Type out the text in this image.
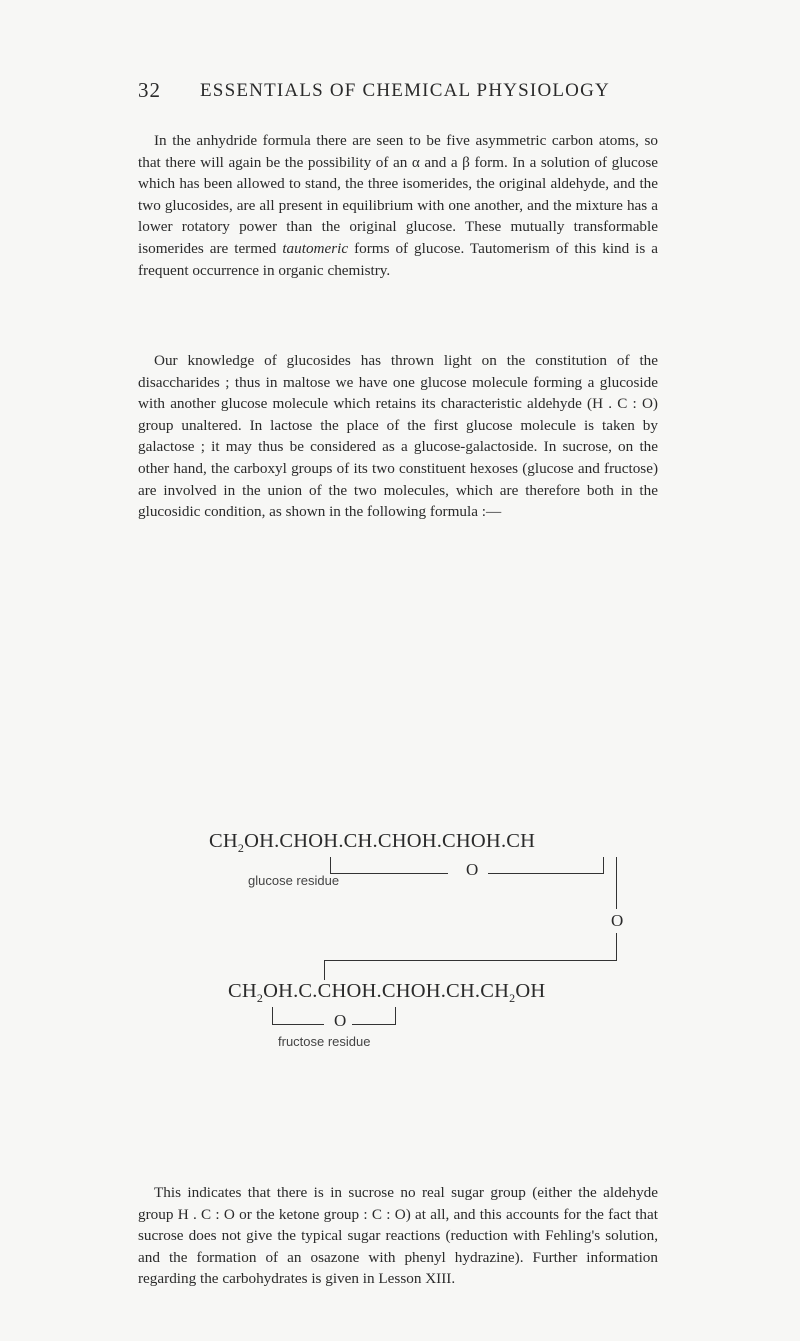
32 ESSENTIALS OF CHEMICAL PHYSIOLOGY

In the anhydride formula there are seen to be five asymmetric carbon atoms, so that there will again be the possibility of an α and a β form. In a solution of glucose which has been allowed to stand, the three isomerides, the original aldehyde, and the two glucosides, are all present in equilibrium with one another, and the mixture has a lower rotatory power than the original glucose. These mutually transformable isomerides are termed tautomeric forms of glucose. Tautomerism of this kind is a frequent occurrence in organic chemistry.

Our knowledge of glucosides has thrown light on the constitution of the disaccharides ; thus in maltose we have one glucose molecule forming a glucoside with another glucose molecule which retains its characteristic aldehyde (H . C : O) group unaltered. In lactose the place of the first glucose molecule is taken by galactose ; it may thus be considered as a glucose-galactoside. In sucrose, on the other hand, the carboxyl groups of its two constituent hexoses (glucose and fructose) are involved in the union of the two molecules, which are therefore both in the glucosidic condition, as shown in the following formula :—

$CH_2OH.CHOH.CH.CHOH.CHOH.CH$
O
glucose residue
O
$CH_2OH.C.CHOH.CHOH.CH.CH_2OH$
O
fructose residue

This indicates that there is in sucrose no real sugar group (either the aldehyde group H . C : O or the ketone group : C : O) at all, and this accounts for the fact that sucrose does not give the typical sugar reactions (reduction with Fehling's solution, and the formation of an osazone with phenyl hydrazine). Further information regarding the carbohydrates is given in Lesson XIII.
